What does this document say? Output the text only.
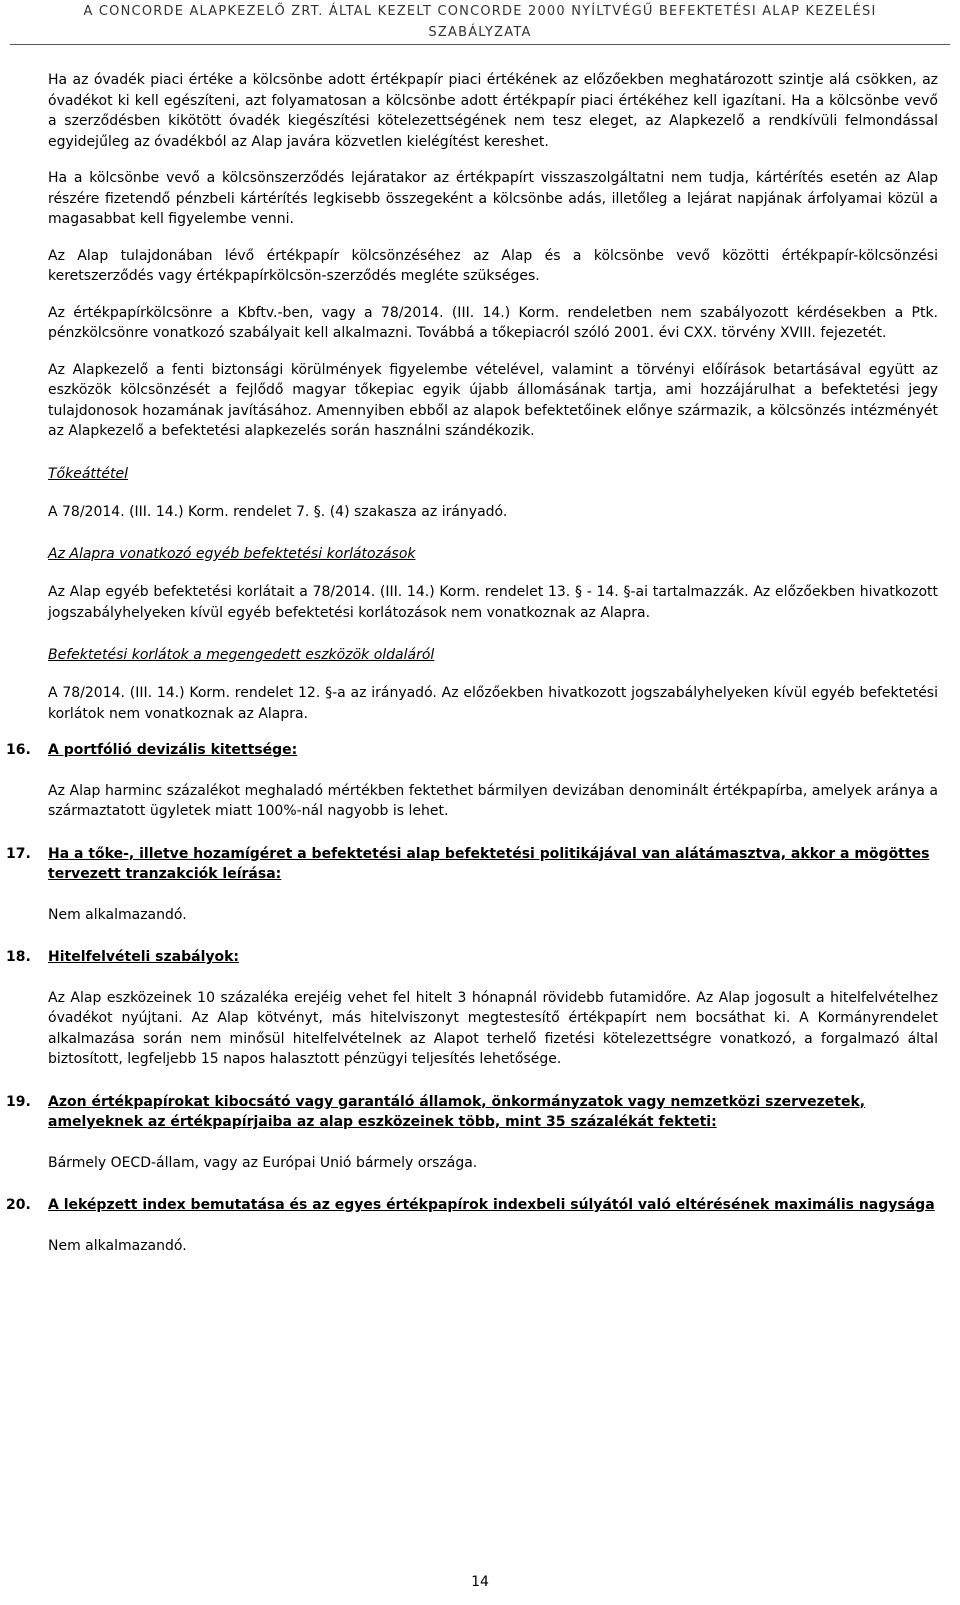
A CONCORDE ALAPKEZELŐ ZRT. ÁLTAL KEZELT CONCORDE 2000 NYÍLTVÉGŰ BEFEKTETÉSI ALAP KEZELÉSI
SZABÁLYZATA

Ha az óvadék piaci értéke a kölcsönbe adott értékpapír piaci értékének az előzőekben meghatározott szintje alá csökken, az óvadékot ki kell egészíteni, azt folyamatosan a kölcsönbe adott értékpapír piaci értékéhez kell igazítani. Ha a kölcsönbe vevő a szerződésben kikötött óvadék kiegészítési kötelezettségének nem tesz eleget, az Alapkezelő a rendkívüli felmondással egyidejűleg az óvadékból az Alap javára közvetlen kielégítést kereshet.

Ha a kölcsönbe vevő a kölcsönszerződés lejáratakor az értékpapírt visszaszolgáltatni nem tudja, kártérítés esetén az Alap részére fizetendő pénzbeli kártérítés legkisebb összegeként a kölcsönbe adás, illetőleg a lejárat napjának árfolyamai közül a magasabbat kell figyelembe venni.

Az Alap tulajdonában lévő értékpapír kölcsönzéséhez az Alap és a kölcsönbe vevő közötti értékpapír-kölcsönzési keretszerződés vagy értékpapírkölcsön-szerződés megléte szükséges.

Az értékpapírkölcsönre a Kbftv.-ben, vagy a 78/2014. (III. 14.) Korm. rendeletben nem szabályozott kérdésekben a Ptk. pénzkölcsönre vonatkozó szabályait kell alkalmazni. Továbbá a tőkepiacról szóló 2001. évi CXX. törvény XVIII. fejezetét.

Az Alapkezelő a fenti biztonsági körülmények figyelembe vételével, valamint a törvényi előírások betartásával együtt az eszközök kölcsönzését a fejlődő magyar tőkepiac egyik újabb állomásának tartja, ami hozzájárulhat a befektetési jegy tulajdonosok hozamának javításához. Amennyiben ebből az alapok befektetőinek előnye származik, a kölcsönzés intézményét az Alapkezelő a befektetési alapkezelés során használni szándékozik.

Tőkeáttétel

A 78/2014. (III. 14.) Korm. rendelet 7. §. (4) szakasza az irányadó.

Az Alapra vonatkozó egyéb befektetési korlátozások

Az Alap egyéb befektetési korlátait a 78/2014. (III. 14.) Korm. rendelet 13. § - 14. §-ai tartalmazzák. Az előzőekben hivatkozott jogszabályhelyeken kívül egyéb befektetési korlátozások nem vonatkoznak az Alapra.

Befektetési korlátok a megengedett eszközök oldaláról

A 78/2014. (III. 14.) Korm. rendelet 12. §-a az irányadó. Az előzőekben hivatkozott jogszabályhelyeken kívül egyéb befektetési korlátok nem vonatkoznak az Alapra.

16.	A portfólió devizális kitettsége:

Az Alap harminc százalékot meghaladó mértékben fektethet bármilyen devizában denominált értékpapírba, amelyek aránya a származtatott ügyletek miatt 100%-nál nagyobb is lehet.

17.	Ha a tőke-, illetve hozamígéret a befektetési alap befektetési politikájával van alátámasztva, akkor a mögöttes tervezett tranzakciók leírása:

Nem alkalmazandó.

18.	Hitelfelvételi szabályok:

Az Alap eszközeinek 10 százaléka erejéig vehet fel hitelt 3 hónapnál rövidebb futamidőre. Az Alap jogosult a hitelfelvételhez óvadékot nyújtani. Az Alap kötvényt, más hitelviszonyt megtestesítő értékpapírt nem bocsáthat ki. A Kormányrendelet alkalmazása során nem minősül hitelfelvételnek az Alapot terhelő fizetési kötelezettségre vonatkozó, a forgalmazó által biztosított, legfeljebb 15 napos halasztott pénzügyi teljesítés lehetősége.

19.	Azon értékpapírokat kibocsátó vagy garantáló államok, önkormányzatok vagy nemzetközi szervezetek, amelyeknek az értékpapírjaiba az alap eszközeinek több, mint 35 százalékát fekteti:

Bármely OECD-állam, vagy az Európai Unió bármely országa.

20.	A leképzett index bemutatása és az egyes értékpapírok indexbeli súlyától való eltérésének maximális nagysága

Nem alkalmazandó.

14
